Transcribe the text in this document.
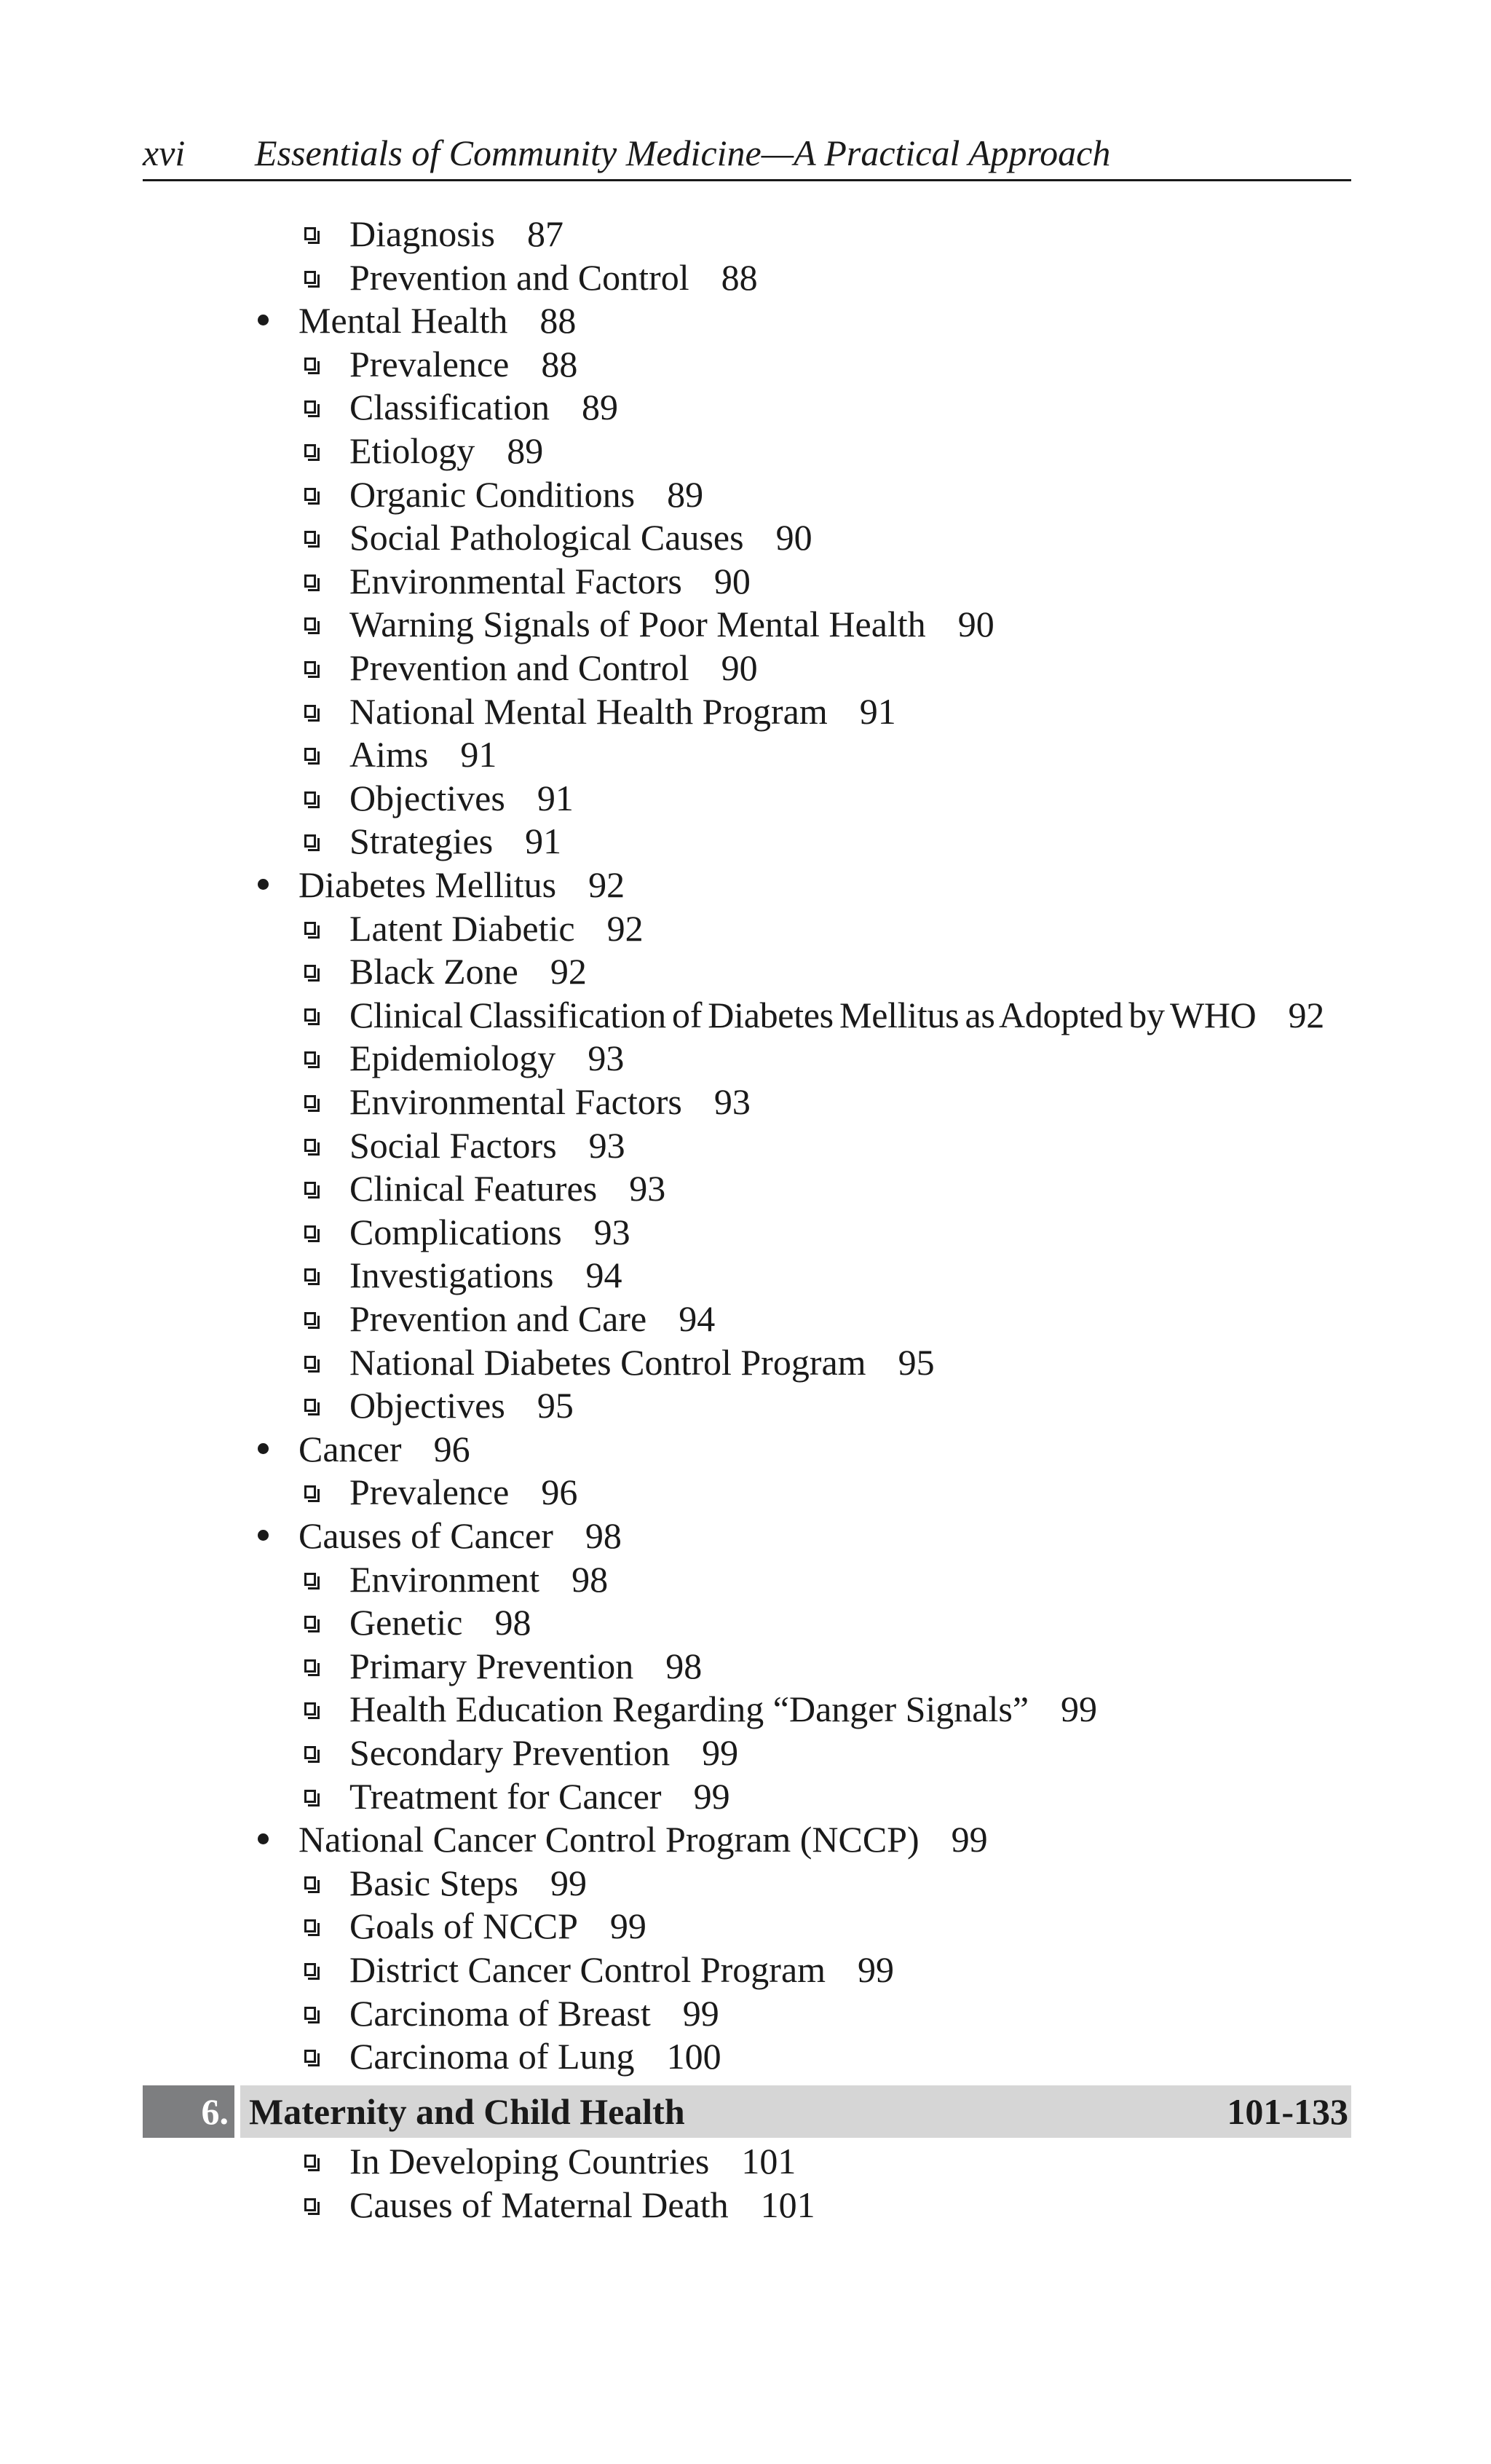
xvi Essentials of Community Medicine—A Practical Approach
Diagnosis 87
Prevention and Control 88
Mental Health 88
Prevalence 88
Classification 89
Etiology 89
Organic Conditions 89
Social Pathological Causes 90
Environmental Factors 90
Warning Signals of Poor Mental Health 90
Prevention and Control 90
National Mental Health Program 91
Aims 91
Objectives 91
Strategies 91
Diabetes Mellitus 92
Latent Diabetic 92
Black Zone 92
Clinical Classification of Diabetes Mellitus as Adopted by WHO 92
Epidemiology 93
Environmental Factors 93
Social Factors 93
Clinical Features 93
Complications 93
Investigations 94
Prevention and Care 94
National Diabetes Control Program 95
Objectives 95
Cancer 96
Prevalence 96
Causes of Cancer 98
Environment 98
Genetic 98
Primary Prevention 98
Health Education Regarding “Danger Signals” 99
Secondary Prevention 99
Treatment for Cancer 99
National Cancer Control Program (NCCP) 99
Basic Steps 99
Goals of NCCP 99
District Cancer Control Program 99
Carcinoma of Breast 99
Carcinoma of Lung 100
6. Maternity and Child Health	101-133
In Developing Countries 101
Causes of Maternal Death 101
